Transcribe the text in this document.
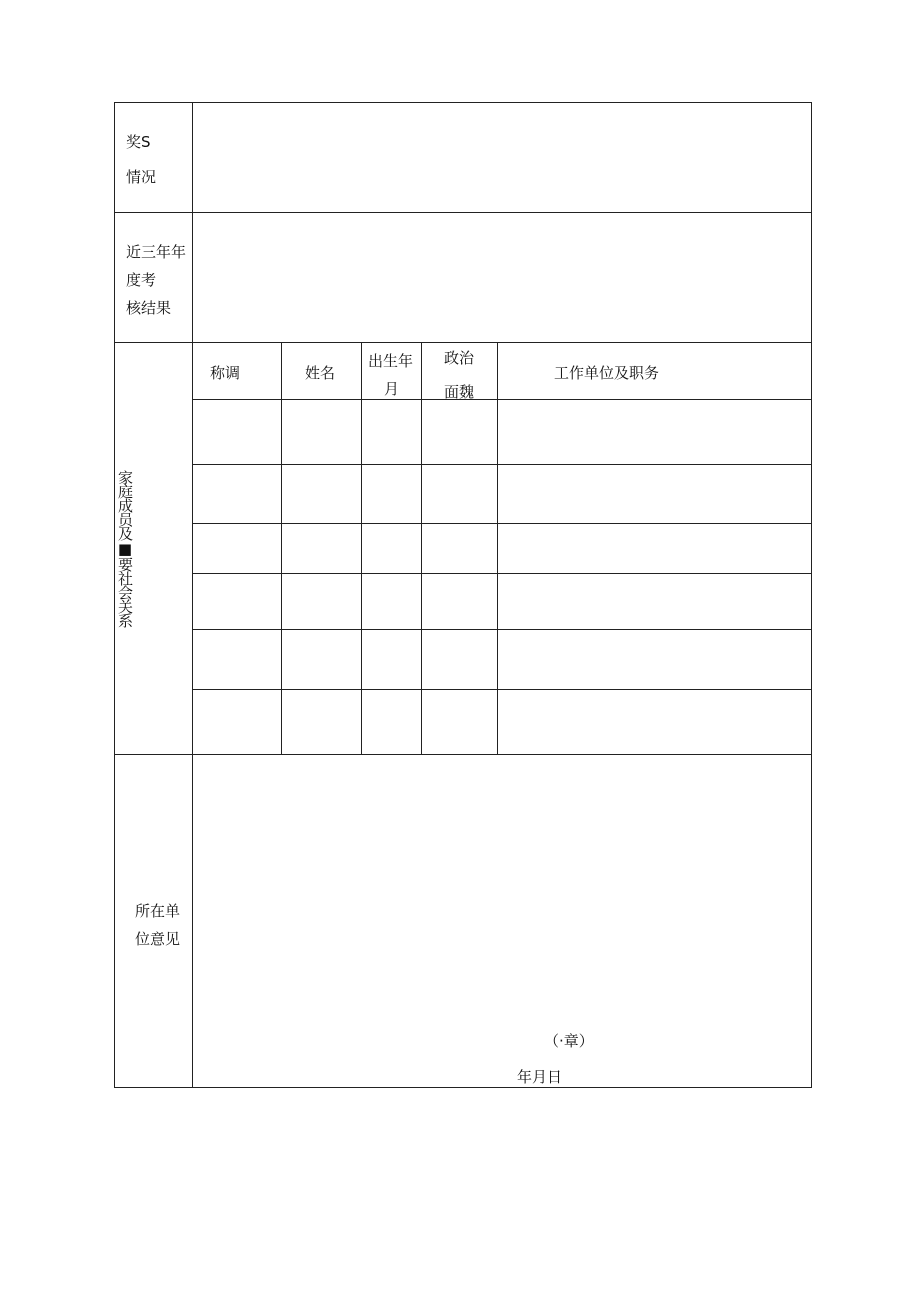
奖S
情况
近三年年
度考
核结果
家庭成员及■要社会关系
称调	姓名
出生年
月
政治
面魏
工作单位及职务
所在单
位意见
（·章）
年月日
